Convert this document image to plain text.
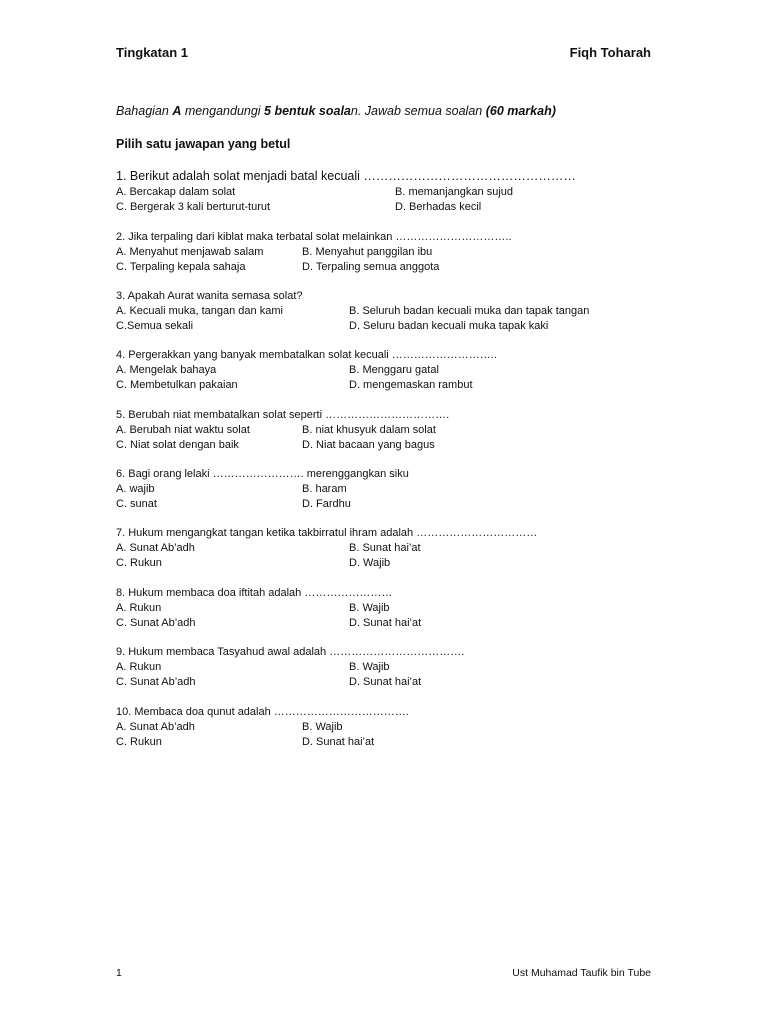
Tingkatan 1	Fiqh Toharah
Bahagian A mengandungi 5 bentuk soalan. Jawab semua soalan (60 markah)
Pilih satu jawapan yang betul
1. Berikut adalah solat menjadi batal kecuali ……………………………………………
A. Bercakap dalam solat	B. memanjangkan sujud
C. Bergerak 3 kali berturut-turut	D. Berhadas kecil
2. Jika terpaling dari kiblat maka terbatal solat melainkan …………………………..
A. Menyahut menjawab salam	B. Menyahut panggilan ibu
C. Terpaling kepala sahaja	D. Terpaling semua anggota
3. Apakah Aurat wanita semasa solat?
A. Kecuali muka, tangan dan kami	B. Seluruh badan kecuali muka dan tapak tangan
C.Semua sekali	D. Seluru badan kecuali muka tapak kaki
4. Pergerakkan yang banyak membatalkan solat kecuali ………………………..
A. Mengelak bahaya	B. Menggaru gatal
C. Membetulkan pakaian	D. mengemaskan rambut
5. Berubah niat membatalkan solat seperti …………………………….
A. Berubah niat waktu solat	B. niat khusyuk dalam solat
C. Niat solat dengan baik	D. Niat bacaan yang bagus
6. Bagi orang lelaki ……………………. merenggangkan siku
A. wajib	B. haram
C. sunat	D. Fardhu
7. Hukum mengangkat tangan ketika takbirratul ihram adalah ……………………………
A. Sunat Ab’adh	B. Sunat hai’at
C. Rukun	D. Wajib
8. Hukum membaca doa iftitah adalah ……………………
A. Rukun	B. Wajib
C. Sunat Ab’adh	D. Sunat hai’at
9. Hukum membaca Tasyahud awal adalah ……………………………….
A. Rukun	B. Wajib
C. Sunat Ab’adh	D. Sunat hai’at
10. Membaca doa qunut adalah ……………………………….
A. Sunat Ab’adh	B. Wajib
C. Rukun	D. Sunat hai’at
1	Ust Muhamad Taufik bin Tube
